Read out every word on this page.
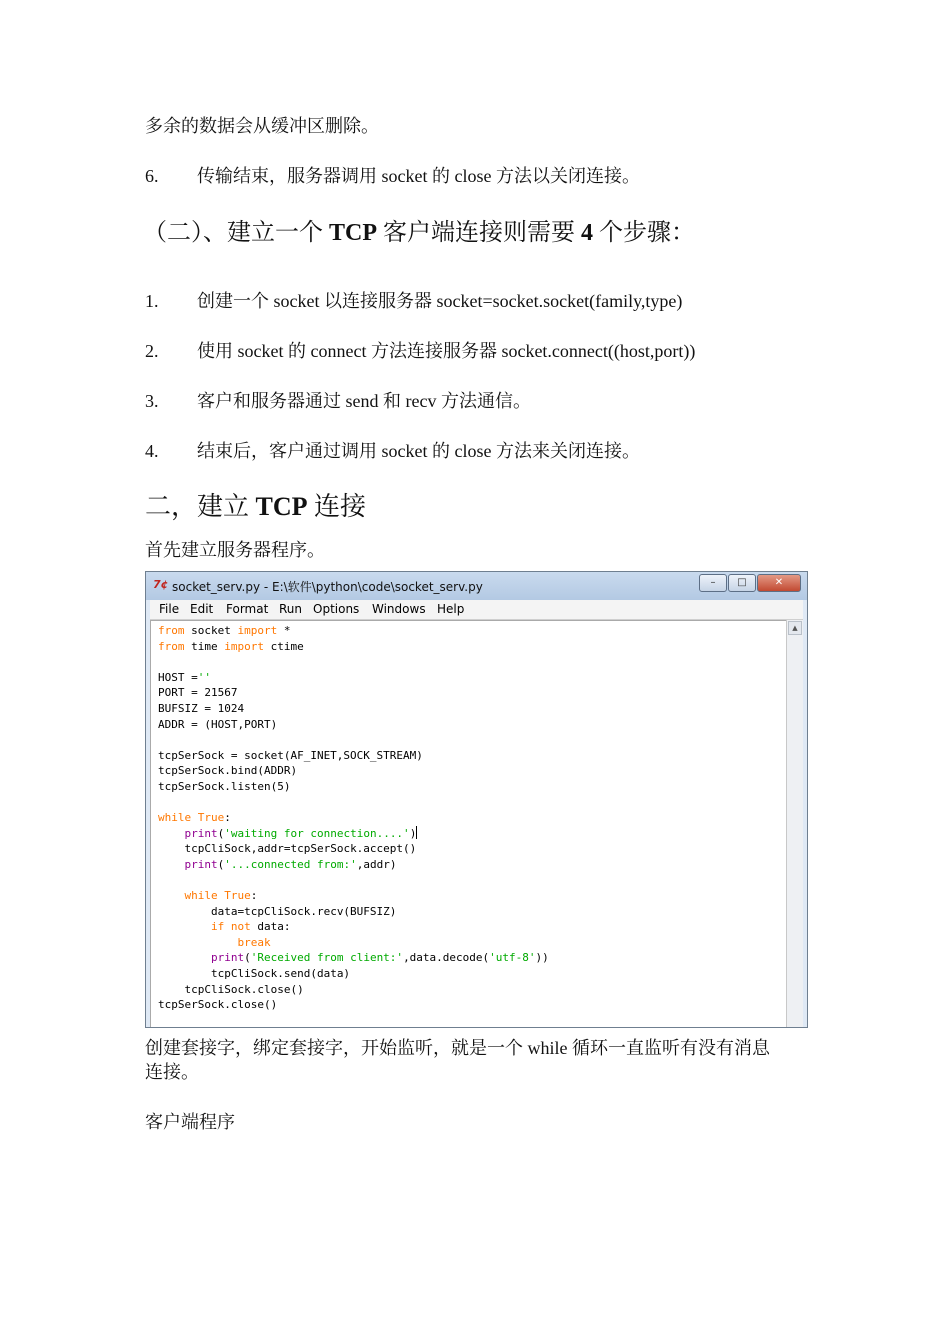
多余的数据会从缓冲区删除。
6. 传输结束，服务器调用 socket 的 close 方法以关闭连接。
（二）、建立一个 TCP 客户端连接则需要 4 个步骤：
1. 创建一个 socket 以连接服务器 socket=socket.socket(family,type)
2. 使用 socket 的 connect 方法连接服务器 socket.connect((host,port))
3. 客户和服务器通过 send 和 recv 方法通信。
4. 结束后，客户通过调用 socket 的 close 方法来关闭连接。
二，建立 TCP 连接
首先建立服务器程序。
7¢ socket_serv.py - E:\软件\python\code\socket_serv.py	–	□	✕
File Edit Format Run Options Windows Help
from socket import *
from time import ctime

HOST =''
PORT = 21567
BUFSIZ = 1024
ADDR = (HOST,PORT)

tcpSerSock = socket(AF_INET,SOCK_STREAM)
tcpSerSock.bind(ADDR)
tcpSerSock.listen(5)

while True:
print('waiting for connection....')
tcpCliSock,addr=tcpSerSock.accept()
print('...connected from:',addr)

while True:
data=tcpCliSock.recv(BUFSIZ)
if not data:
break
print('Received from client:',data.decode('utf-8'))
tcpCliSock.send(data)
tcpCliSock.close()
tcpSerSock.close()
▲
创建套接字，绑定套接字，开始监听，就是一个 while 循环一直监听有没有消息
连接。
客户端程序
